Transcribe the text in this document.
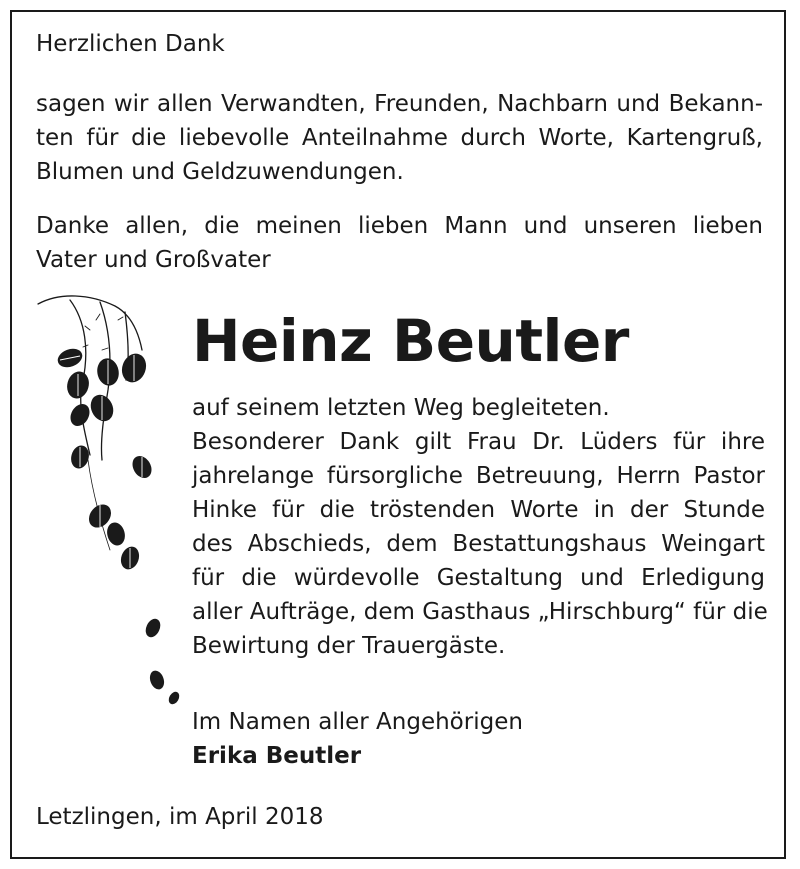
Herzlichen Dank

sagen wir allen Verwandten, Freunden, Nachbarn und Bekann-
ten für die liebevolle Anteilnahme durch Worte, Kartengruß,
Blumen und Geldzuwendungen.

Danke allen, die meinen lieben Mann und unseren lieben
Vater und Großvater

Heinz Beutler

auf seinem letzten Weg begleiteten.
Besonderer Dank gilt Frau Dr. Lüders für ihre
jahrelange fürsorgliche Betreuung, Herrn Pastor
Hinke für die tröstenden Worte in der Stunde
des Abschieds, dem Bestattungshaus Weingart
für die würdevolle Gestaltung und Erledigung
aller Aufträge, dem Gasthaus „Hirschburg“ für die
Bewirtung der Trauergäste.

Im Namen aller Angehörigen
Erika Beutler

Letzlingen, im April 2018
